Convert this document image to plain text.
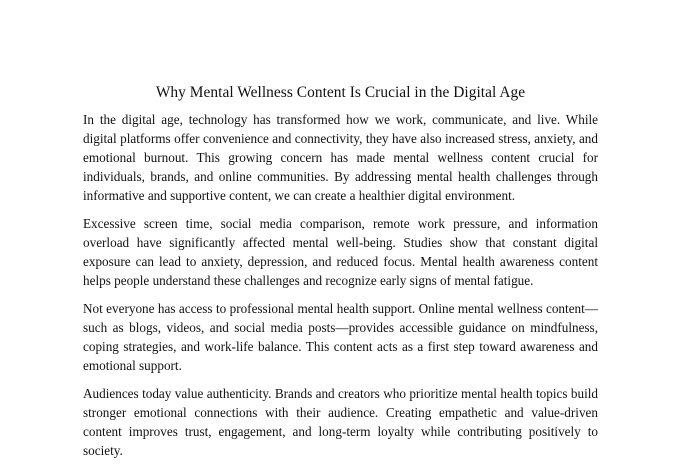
Why Mental Wellness Content Is Crucial in the Digital Age

In the digital age, technology has transformed how we work, communicate, and live. While digital platforms offer convenience and connectivity, they have also increased stress, anxiety, and emotional burnout. This growing concern has made mental wellness content crucial for individuals, brands, and online communities. By addressing mental health challenges through informative and supportive content, we can create a healthier digital environment.

Excessive screen time, social media comparison, remote work pressure, and information overload have significantly affected mental well-being. Studies show that constant digital exposure can lead to anxiety, depression, and reduced focus. Mental health awareness content helps people understand these challenges and recognize early signs of mental fatigue.

Not everyone has access to professional mental health support. Online mental wellness content—such as blogs, videos, and social media posts—provides accessible guidance on mindfulness, coping strategies, and work-life balance. This content acts as a first step toward awareness and emotional support.

Audiences today value authenticity. Brands and creators who prioritize mental health topics build stronger emotional connections with their audience. Creating empathetic and value-driven content improves trust, engagement, and long-term loyalty while contributing positively to society.
